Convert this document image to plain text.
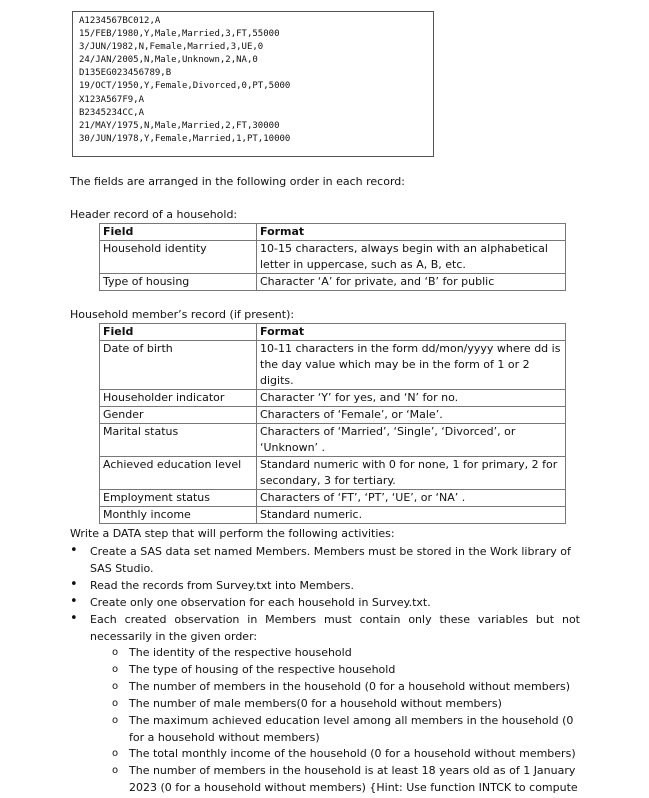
A1234567BC012,A
15/FEB/1980,Y,Male,Married,3,FT,55000
3/JUN/1982,N,Female,Married,3,UE,0
24/JAN/2005,N,Male,Unknown,2,NA,0
D135EG023456789,B
19/OCT/1950,Y,Female,Divorced,0,PT,5000
X123A567F9,A
B2345234CC,A
21/MAY/1975,N,Male,Married,2,FT,30000
30/JUN/1978,Y,Female,Married,1,PT,10000
The fields are arranged in the following order in each record:
Header record of a household:
Field	Format
Household identity	10-15 characters, always begin with an alphabetical letter in uppercase, such as A, B, etc.
Type of housing	Character ‘A’ for private, and ‘B’ for public
Household member’s record (if present):
Field	Format
Date of birth	10-11 characters in the form dd/mon/yyyy where dd is the day value which may be in the form of 1 or 2 digits.
Householder indicator	Character ‘Y’ for yes, and ‘N’ for no.
Gender	Characters of ‘Female’, or ‘Male’.
Marital status	Characters of ‘Married’, ‘Single’, ‘Divorced’, or ‘Unknown’ .
Achieved education level	Standard numeric with 0 for none, 1 for primary, 2 for secondary, 3 for tertiary.
Employment status	Characters of ‘FT’, ‘PT’, ‘UE’, or ‘NA’ .
Monthly income	Standard numeric.
Write a DATA step that will perform the following activities:
• Create a SAS data set named Members. Members must be stored in the Work library of SAS Studio.
• Read the records from Survey.txt into Members.
• Create only one observation for each household in Survey.txt.
• Each created observation in Members must contain only these variables but not necessarily in the given order:
o The identity of the respective household
o The type of housing of the respective household
o The number of members in the household (0 for a household without members)
o The number of male members(0 for a household without members)
o The maximum achieved education level among all members in the household (0 for a household without members)
o The total monthly income of the household (0 for a household without members)
o The number of members in the household is at least 18 years old as of 1 January 2023 (0 for a household without members) {Hint: Use function INTCK to compute
